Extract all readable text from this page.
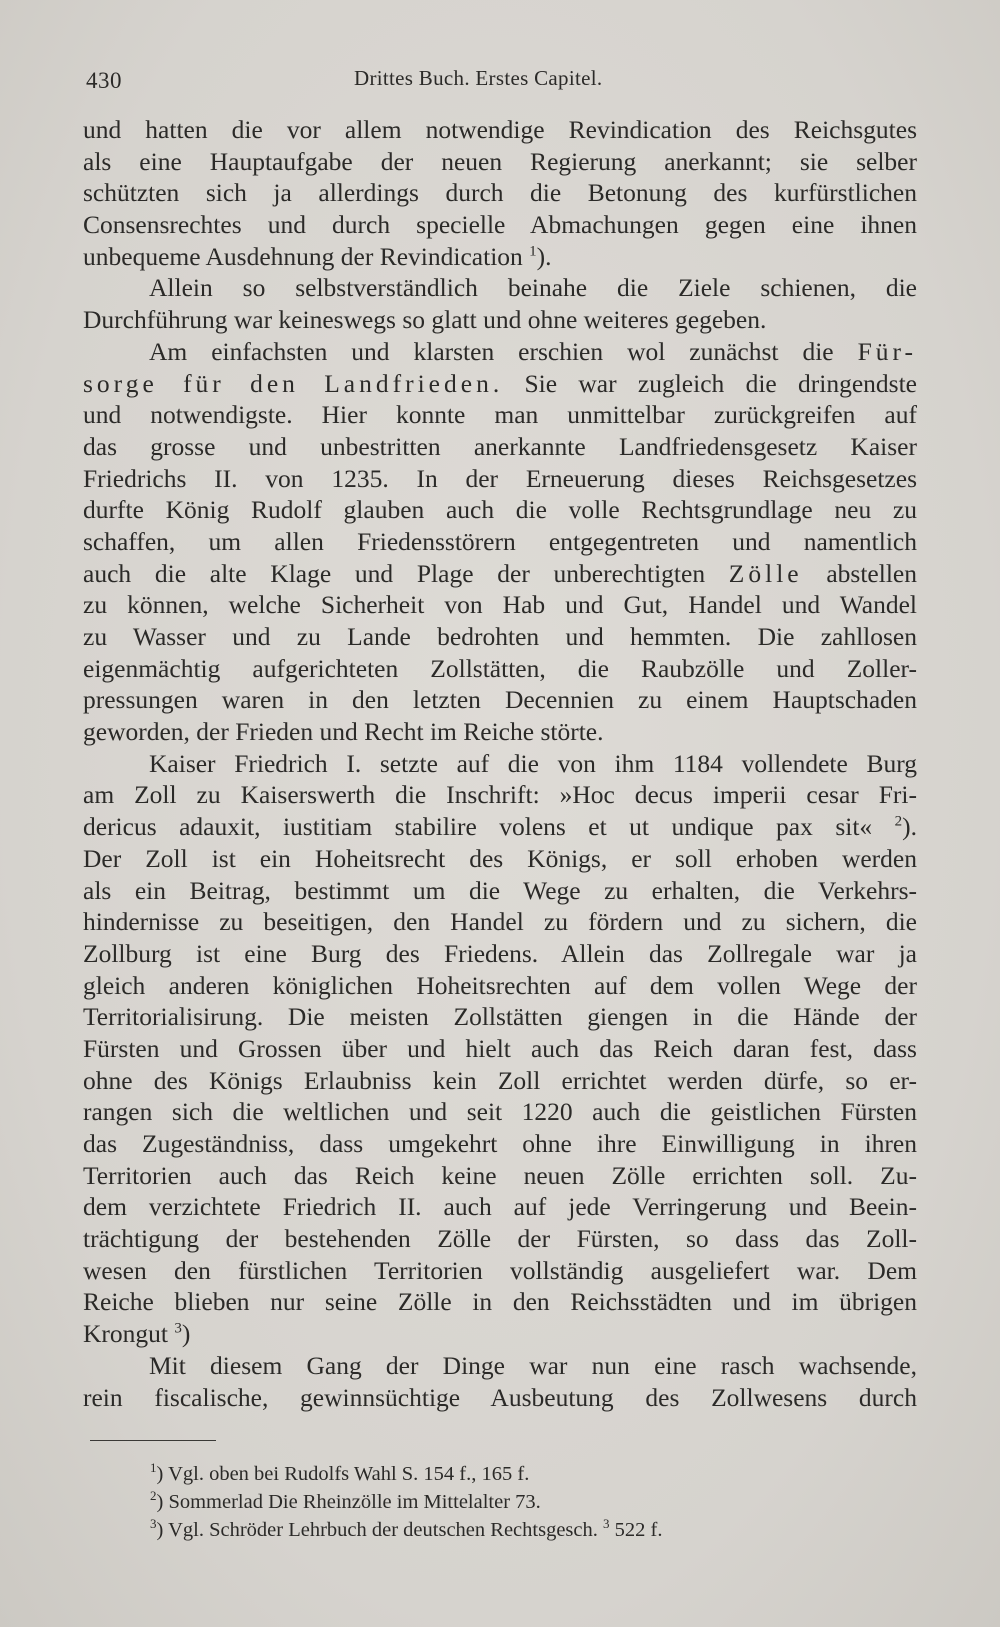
430	Drittes Buch. Erstes Capitel.
und hatten die vor allem notwendige Revindication des Reichsgutes
als eine Hauptaufgabe der neuen Regierung anerkannt; sie selber
schützten sich ja allerdings durch die Betonung des kurfürstlichen
Consensrechtes und durch specielle Abmachungen gegen eine ihnen
unbequeme Ausdehnung der Revindication $^1$).
Allein so selbstverständlich beinahe die Ziele schienen, die
Durchführung war keineswegs so glatt und ohne weiteres gegeben.
Am einfachsten und klarsten erschien wol zunächst die Für-
sorge für den Landfrieden. Sie war zugleich die dringendste
und notwendigste. Hier konnte man unmittelbar zurückgreifen auf
das grosse und unbestritten anerkannte Landfriedensgesetz Kaiser
Friedrichs II. von 1235. In der Erneuerung dieses Reichsgesetzes
durfte König Rudolf glauben auch die volle Rechtsgrundlage neu zu
schaffen, um allen Friedensstörern entgegentreten und namentlich
auch die alte Klage und Plage der unberechtigten Zölle abstellen
zu können, welche Sicherheit von Hab und Gut, Handel und Wandel
zu Wasser und zu Lande bedrohten und hemmten. Die zahllosen
eigenmächtig aufgerichteten Zollstätten, die Raubzölle und Zoller-
pressungen waren in den letzten Decennien zu einem Hauptschaden
geworden, der Frieden und Recht im Reiche störte.
Kaiser Friedrich I. setzte auf die von ihm 1184 vollendete Burg
am Zoll zu Kaiserswerth die Inschrift: »Hoc decus imperii cesar Fri-
dericus adauxit, iustitiam stabilire volens et ut undique pax sit« $^2$).
Der Zoll ist ein Hoheitsrecht des Königs, er soll erhoben werden
als ein Beitrag, bestimmt um die Wege zu erhalten, die Verkehrs-
hindernisse zu beseitigen, den Handel zu fördern und zu sichern, die
Zollburg ist eine Burg des Friedens. Allein das Zollregale war ja
gleich anderen königlichen Hoheitsrechten auf dem vollen Wege der
Territorialisirung. Die meisten Zollstätten giengen in die Hände der
Fürsten und Grossen über und hielt auch das Reich daran fest, dass
ohne des Königs Erlaubniss kein Zoll errichtet werden dürfe, so er-
rangen sich die weltlichen und seit 1220 auch die geistlichen Fürsten
das Zugeständniss, dass umgekehrt ohne ihre Einwilligung in ihren
Territorien auch das Reich keine neuen Zölle errichten soll. Zu-
dem verzichtete Friedrich II. auch auf jede Verringerung und Beein-
trächtigung der bestehenden Zölle der Fürsten, so dass das Zoll-
wesen den fürstlichen Territorien vollständig ausgeliefert war. Dem
Reiche blieben nur seine Zölle in den Reichsstädten und im übrigen
Krongut $^3$)
Mit diesem Gang der Dinge war nun eine rasch wachsende,
rein fiscalische, gewinnsüchtige Ausbeutung des Zollwesens durch
$^1$) Vgl. oben bei Rudolfs Wahl S. 154 f., 165 f.
$^2$) Sommerlad Die Rheinzölle im Mittelalter 73.
$^3$) Vgl. Schröder Lehrbuch der deutschen Rechtsgesch. $^3$ 522 f.
